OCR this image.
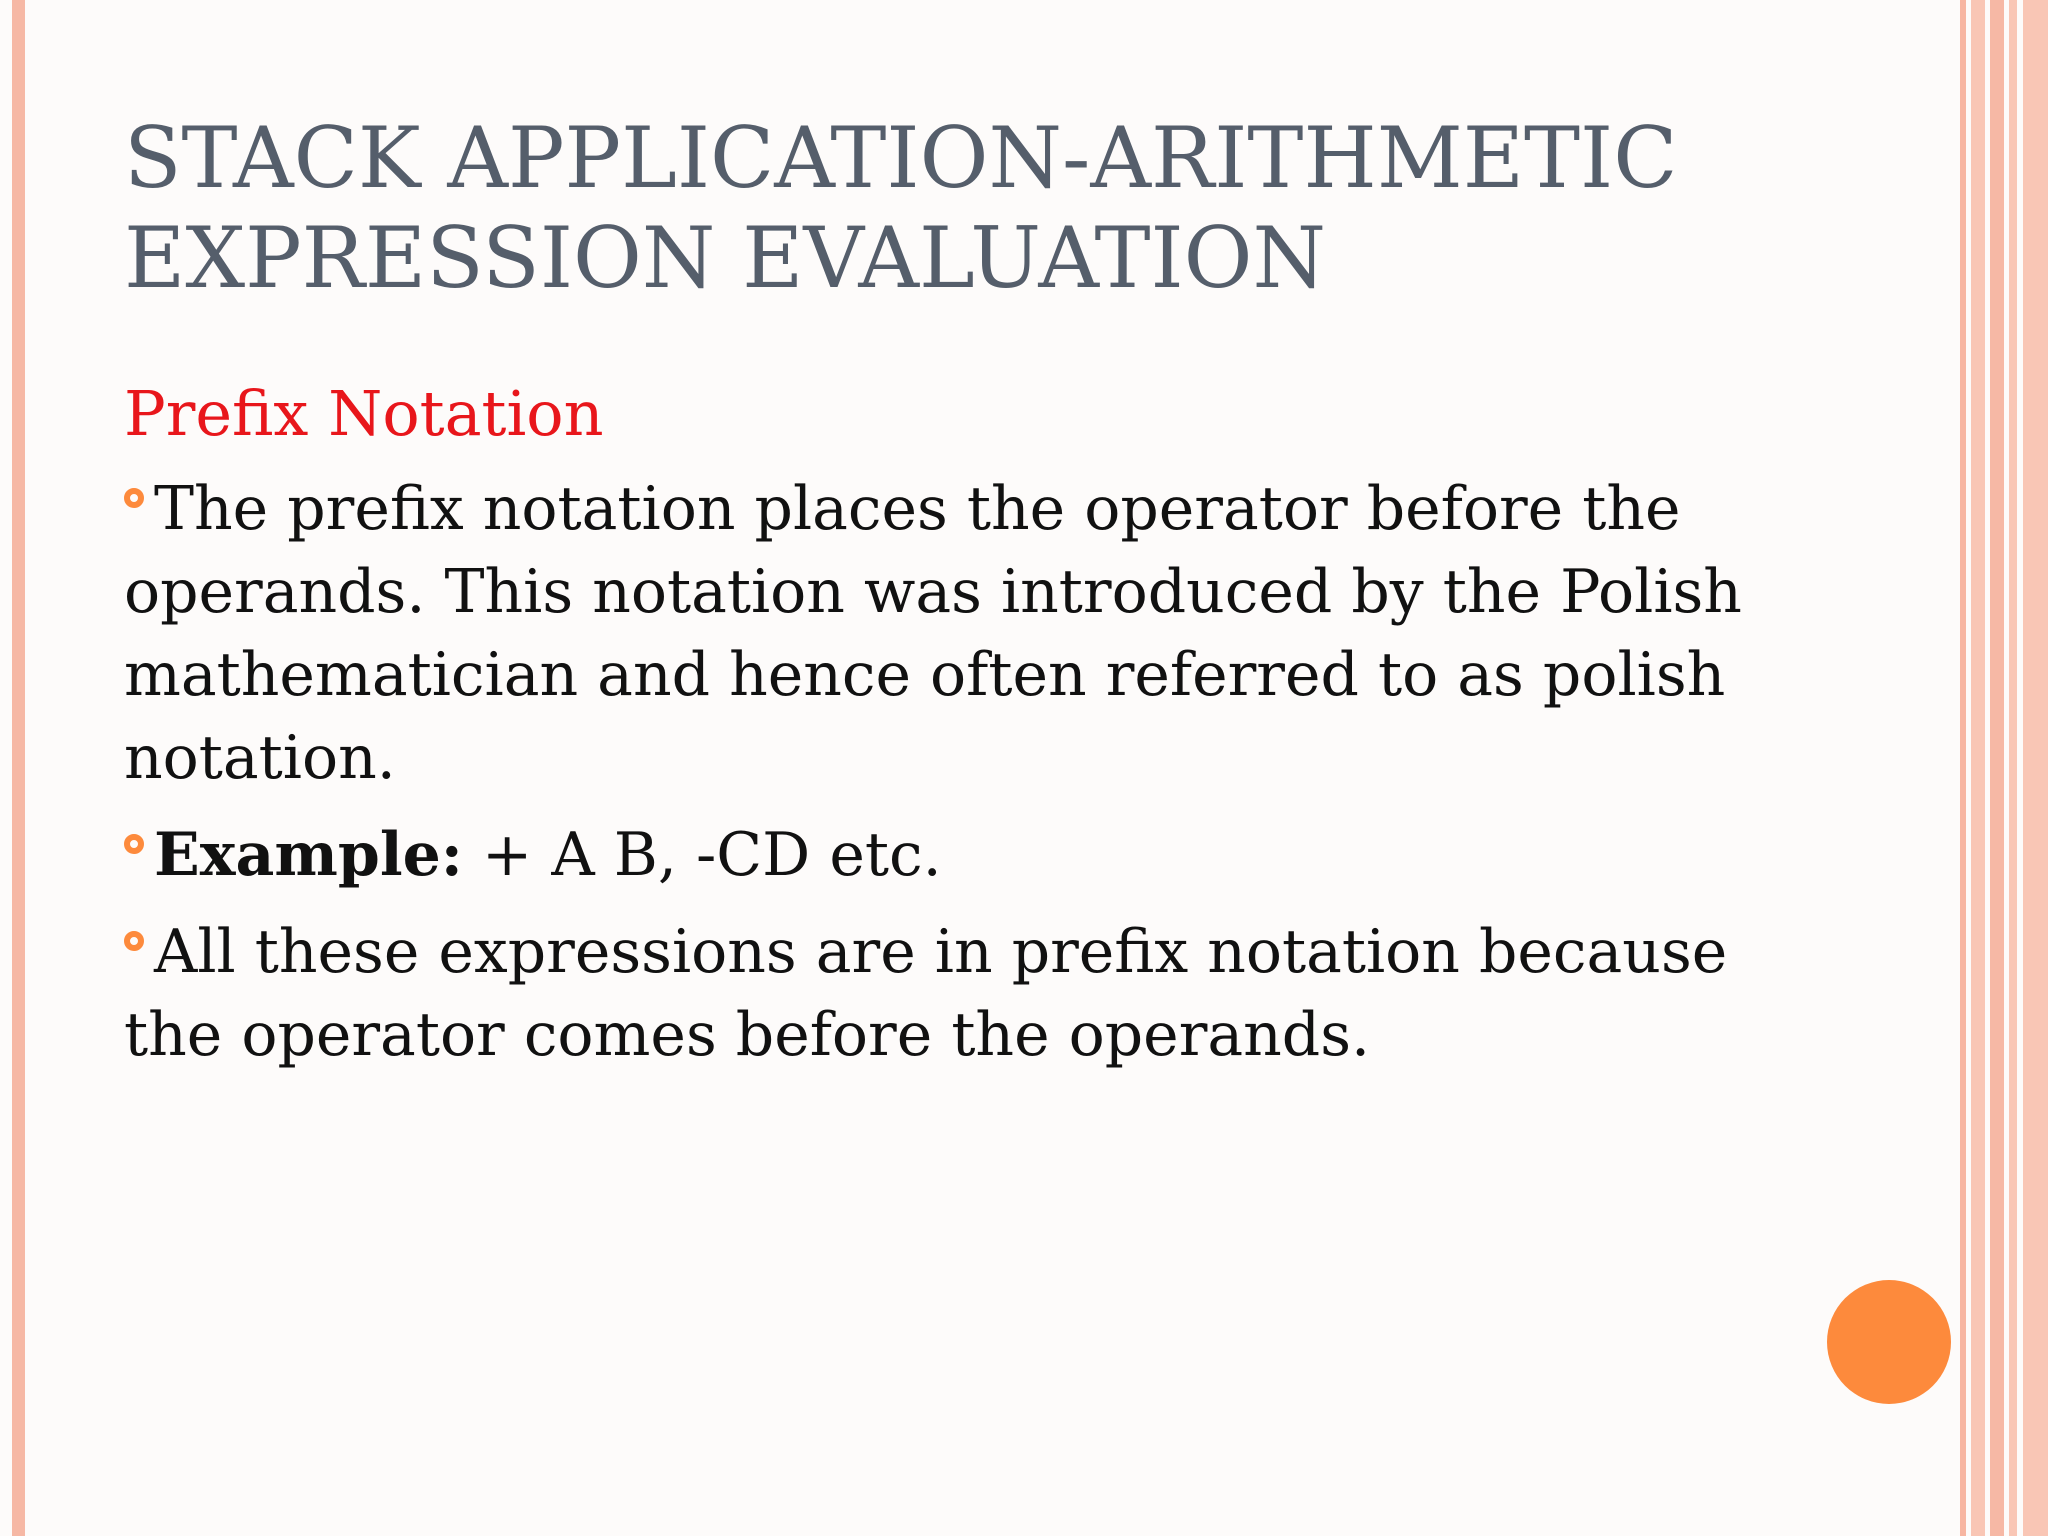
STACK APPLICATION-ARITHMETIC
EXPRESSION EVALUATION
Prefix Notation
The prefix notation places the operator before the operands. This notation was introduced by the Polish mathematician and hence often referred to as polish notation.
Example: + A B, -CD etc.
All these expressions are in prefix notation because the operator comes before the operands.
